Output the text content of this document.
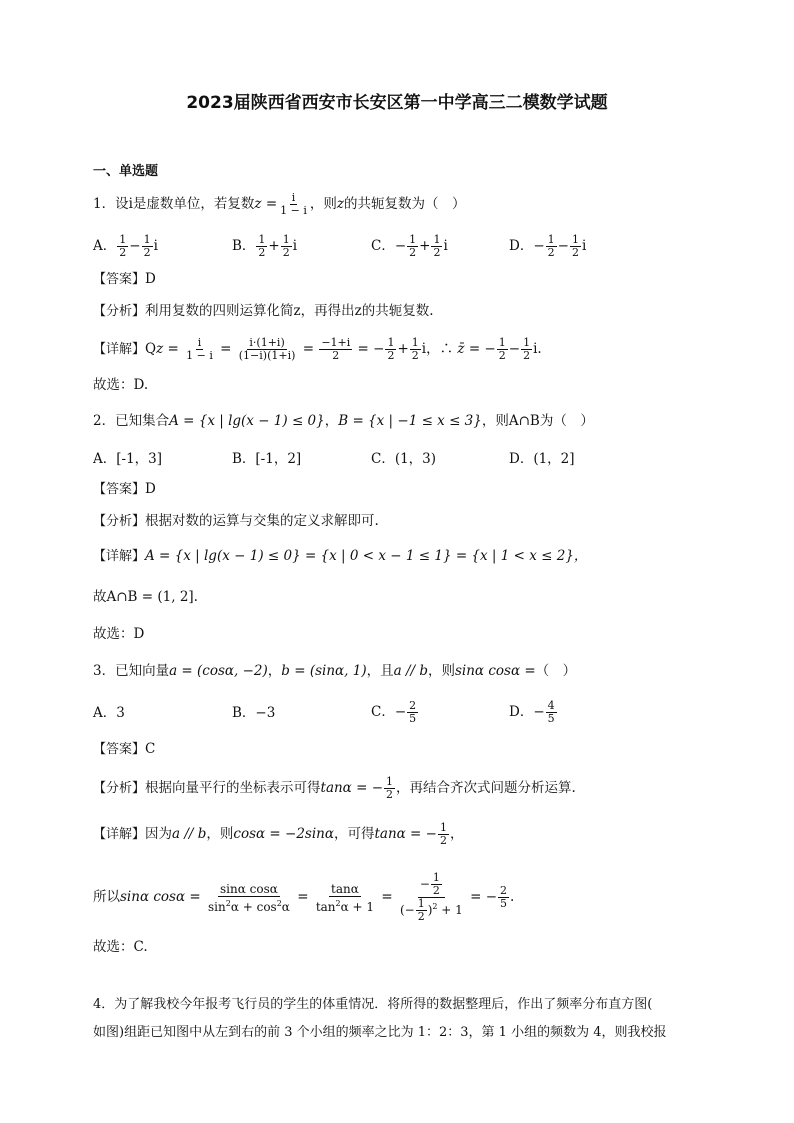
2023届陕西省西安市长安区第一中学高三二模数学试题
一、单选题
1．设i是虚数单位，若复数$z = \frac{i}{1 - i}$ ，则z的共轭复数为（　）
A． $\frac{1}{2} - \frac{1}{2}$ i	B． $\frac{1}{2} + \frac{1}{2}$ i	C．− $\frac{1}{2} + \frac{1}{2}$ i	D．− $\frac{1}{2} - \frac{1}{2}$ i
【答案】D
【分析】利用复数的四则运算化简z，再得出z的共轭复数.
【详解】$Qz = \frac{i}{1 - i} = \frac{i\cdot(1+i)}{(1-i)(1+i)} = \frac{-1+i}{2}$ = − $\frac{1}{2} + \frac{1}{2}$ i，∴ z̄ = − $\frac{1}{2} - \frac{1}{2} i$.
故选：D.
2．已知集合A = {x | lg(x − 1) ≤ 0}，B = {x | −1 ≤ x ≤ 3}，则A∩B为（　）
A．[-1，3]	B．[-1，2]	C．(1，3)	D．(1，2]
【答案】D
【分析】根据对数的运算与交集的定义求解即可.
【详解】A = {x | lg(x − 1) ≤ 0} = {x | 0 < x − 1 ≤ 1} = {x | 1 < x ≤ 2}，
故A∩B = (1, 2].
故选：D
3．已知向量a = (cosα, −2)，b = (sinα, 1)，且a // b，则sinα cosα =（　）
A．3	B．−3	C．− $\frac{2}{5}$	D．− $\frac{4}{5}$
【答案】C
【分析】根据向量平行的坐标表示可得tanα = − $\frac{1}{2}$ ，再结合齐次式问题分析运算.
【详解】因为a // b，则cosα = −2sinα，可得tanα = − $\frac{1}{2}$ ，
所以sinα $\cos\alpha = \frac{\text{sinα cosα}}{\sin^2\alpha + \cos^2\alpha} = \frac{\tan\alpha}{\tan^2\alpha + 1} = \frac{- \frac{1}{2}}{(- \frac{1}{2} )^2 + 1}$ = − $\frac{2}{5}$ .
故选：C.
4．为了解我校今年报考飞行员的学生的体重情况．将所得的数据整理后，作出了频率分布直方图(
如图)组距已知图中从左到右的前 3 个小组的频率之比为 1：2：3，第 1 小组的频数为 4，则我校报
